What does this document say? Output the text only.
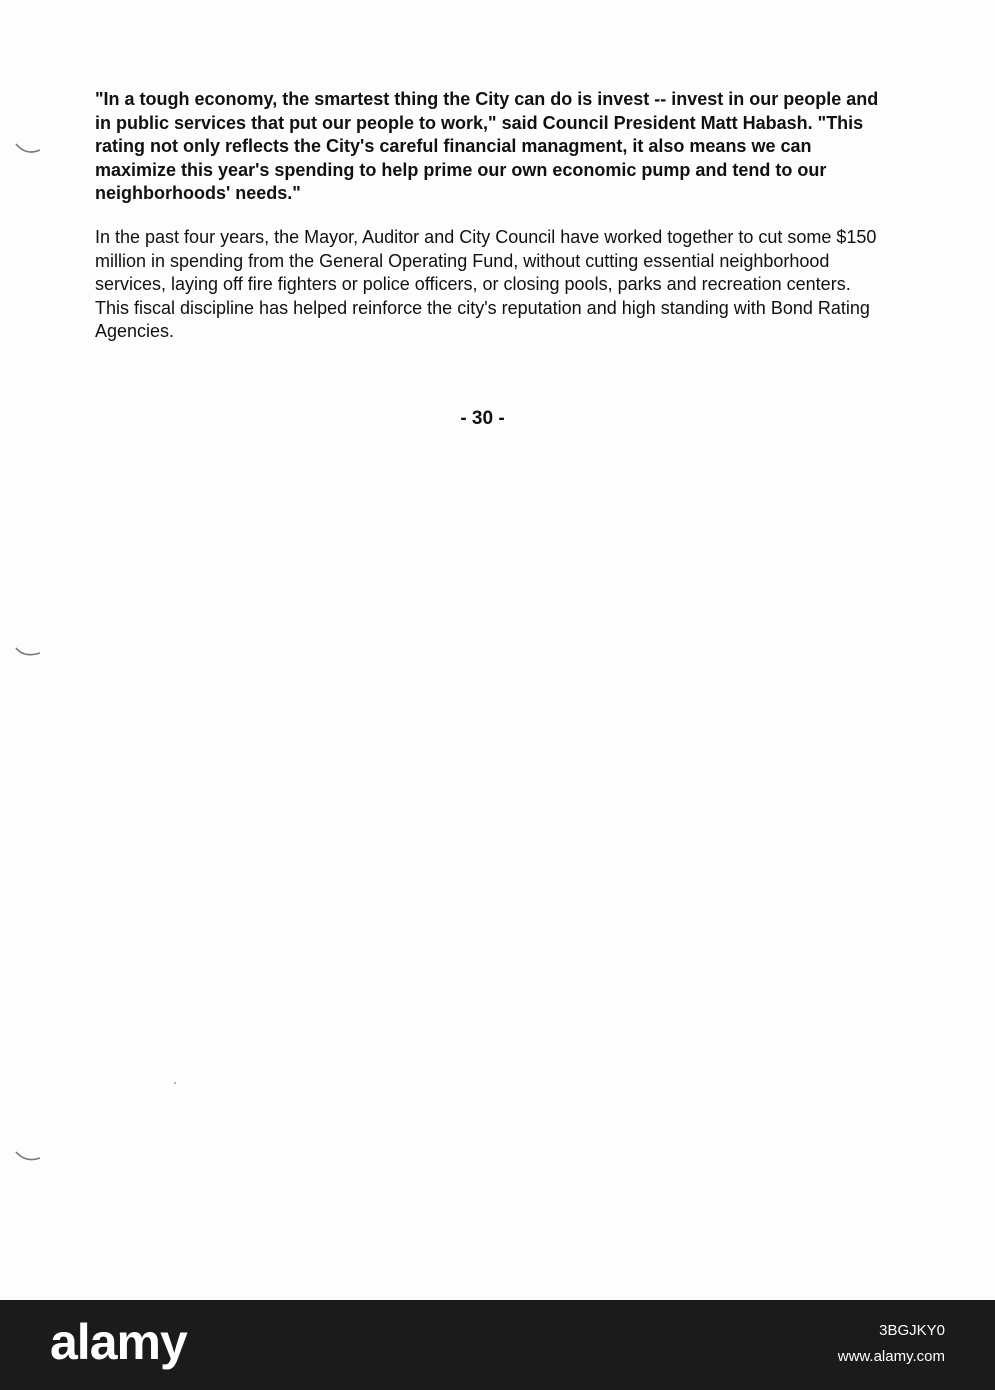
"In a tough economy, the smartest thing the City can do is invest -- invest in our people and in public services that put our people to work," said Council President Matt Habash. "This rating not only reflects the City's careful financial managment, it also means we can maximize this year's spending to help prime our own economic pump and tend to our neighborhoods' needs."

In the past four years, the Mayor, Auditor and City Council have worked together to cut some $150 million in spending from the General Operating Fund, without cutting essential neighborhood services, laying off fire fighters or police officers, or closing pools, parks and recreation centers. This fiscal discipline has helped reinforce the city's reputation and high standing with Bond Rating Agencies.

- 30 -

alamy	3BGJKY0

www.alamy.com
